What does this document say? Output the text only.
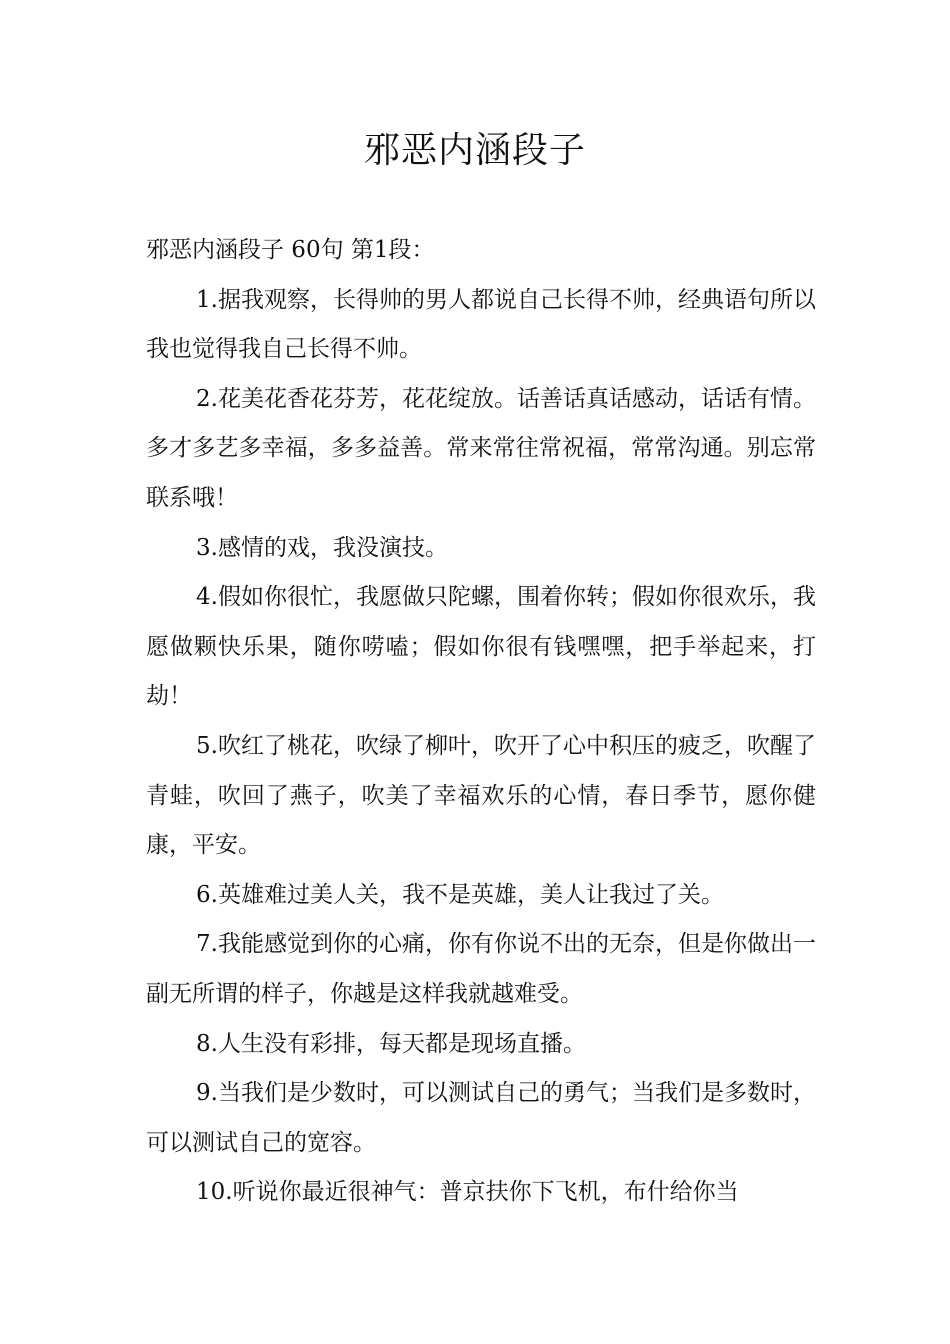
邪恶内涵段子

邪恶内涵段子 60句 第1段：

1.据我观察，长得帅的男人都说自己长得不帅，经典语句所以我也觉得我自己长得不帅。

2.花美花香花芬芳，花花绽放。话善话真话感动，话话有情。多才多艺多幸福，多多益善。常来常往常祝福，常常沟通。别忘常联系哦！

3.感情的戏，我没演技。

4.假如你很忙，我愿做只陀螺，围着你转；假如你很欢乐，我愿做颗快乐果，随你唠嗑；假如你很有钱嘿嘿，把手举起来，打劫！

5.吹红了桃花，吹绿了柳叶，吹开了心中积压的疲乏，吹醒了青蛙，吹回了燕子，吹美了幸福欢乐的心情，春日季节，愿你健康，平安。

6.英雄难过美人关，我不是英雄，美人让我过了关。

7.我能感觉到你的心痛，你有你说不出的无奈，但是你做出一副无所谓的样子，你越是这样我就越难受。

8.人生没有彩排，每天都是现场直播。

9.当我们是少数时，可以测试自己的勇气；当我们是多数时，可以测试自己的宽容。

10.听说你最近很神气：普京扶你下飞机，布什给你当
